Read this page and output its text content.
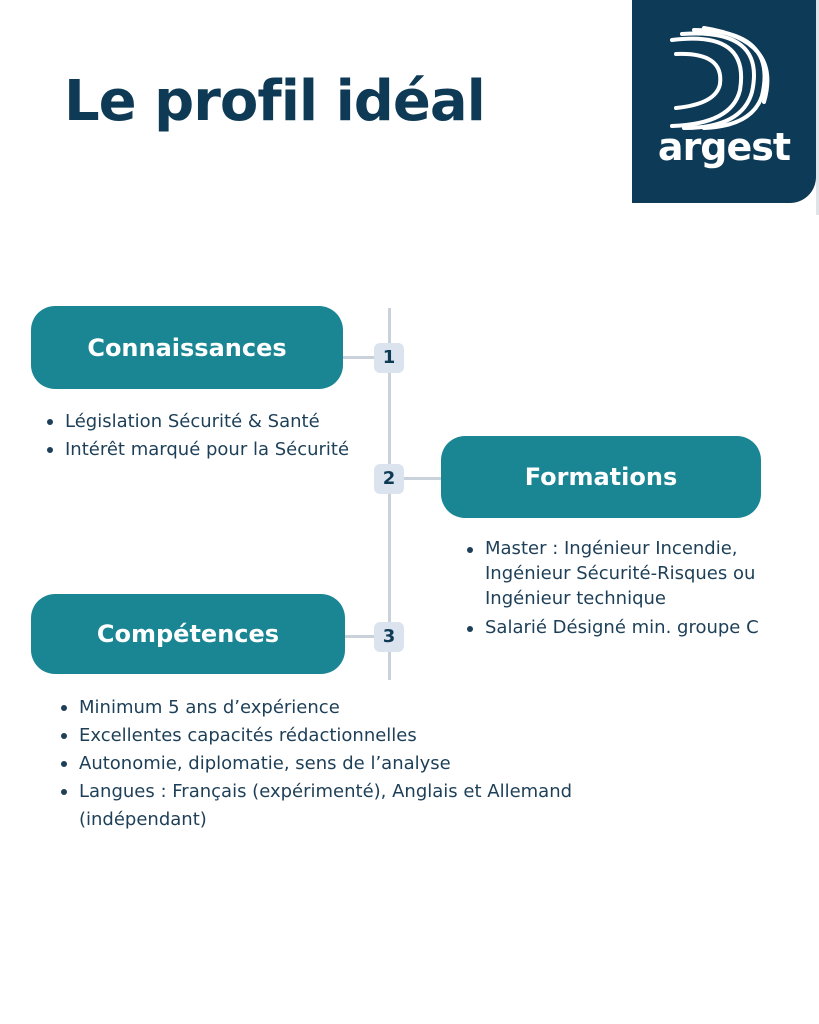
Le profil idéal
argest
1
2
3
Connaissances
Formations
Compétences
Législation Sécurité & Santé
Intérêt marqué pour la Sécurité
Master : Ingénieur Incendie, Ingénieur Sécurité-Risques ou Ingénieur technique
Salarié Désigné min. groupe C
Minimum 5 ans d’expérience
Excellentes capacités rédactionnelles
Autonomie, diplomatie, sens de l’analyse
Langues : Français (expérimenté), Anglais et Allemand (indépendant)
